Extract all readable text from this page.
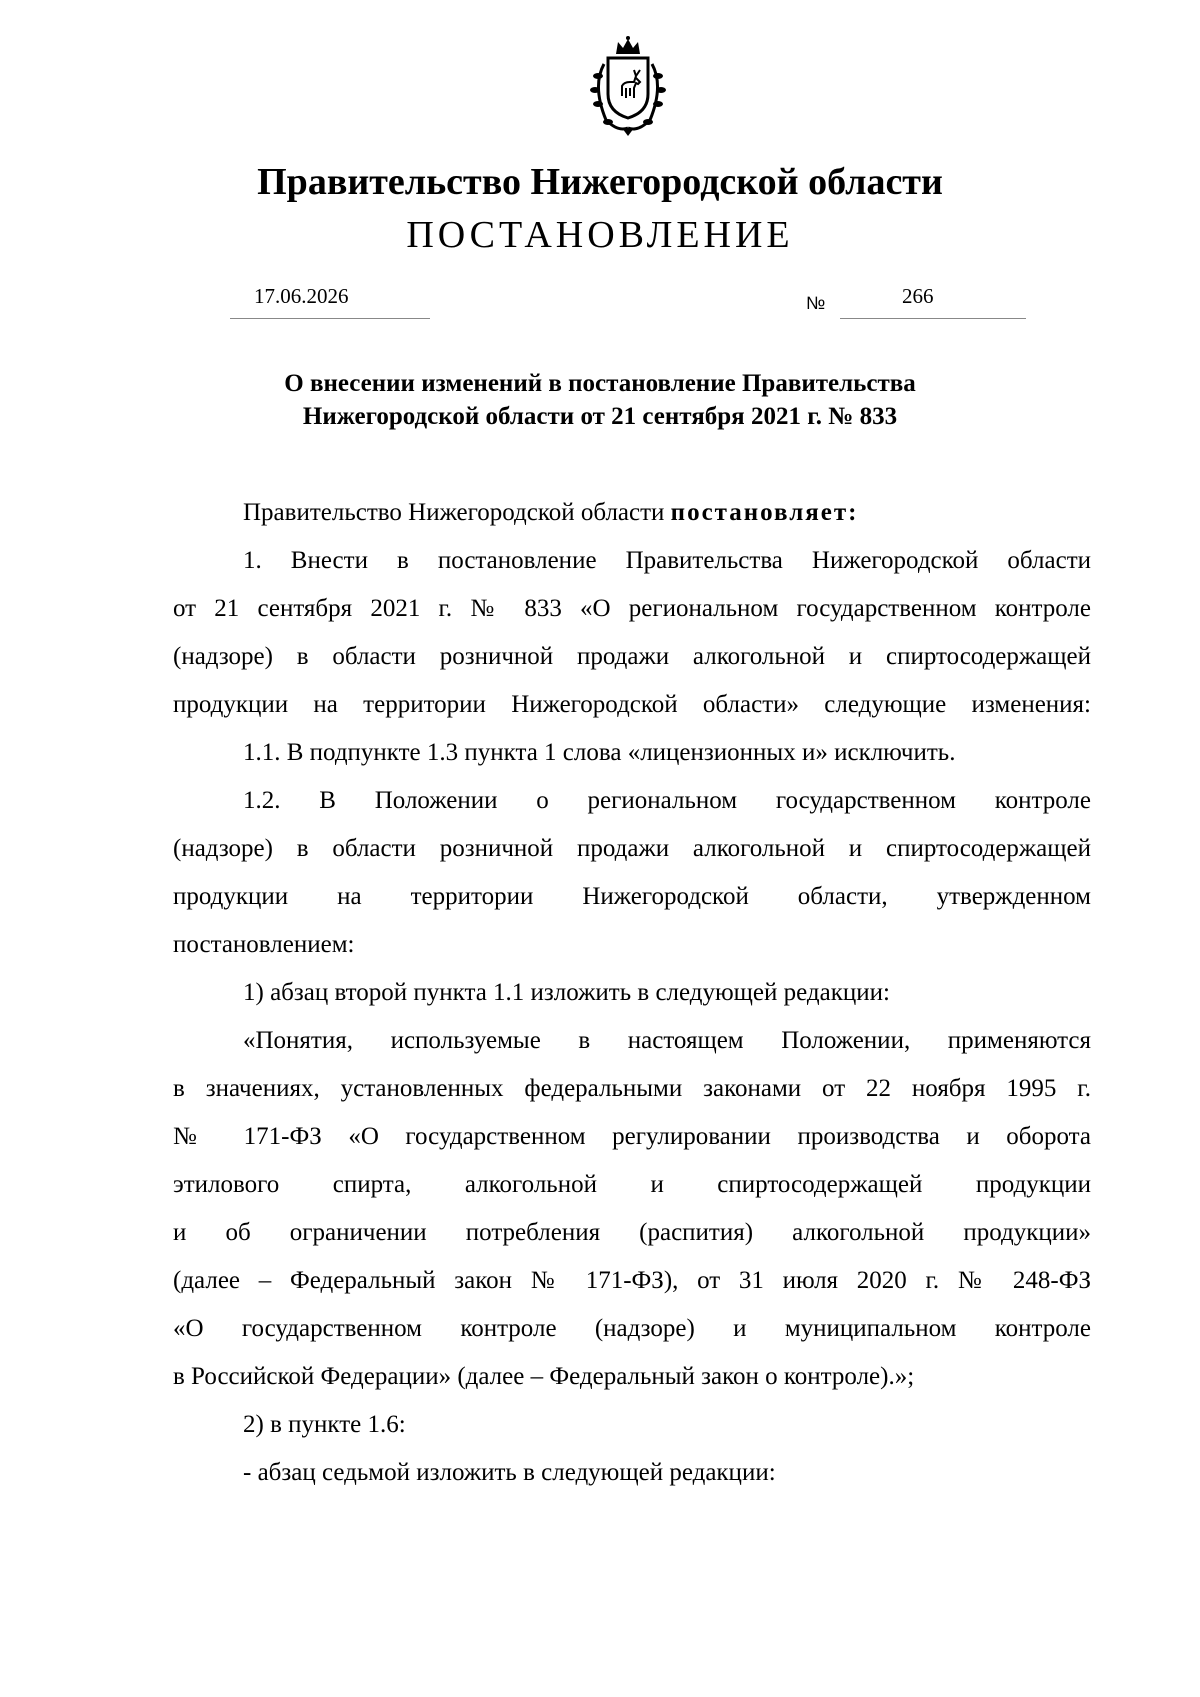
Правительство Нижегородской области
ПОСТАНОВЛЕНИЕ
17.06.2026	№	266
О внесении изменений в постановление Правительства
Нижегородской области от 21 сентября 2021 г. № 833

Правительство Нижегородской области постановляет:

1. Внести в постановление Правительства Нижегородской области

от 21 сентября 2021 г. № 833 «О региональном государственном контроле

(надзоре) в области розничной продажи алкогольной и спиртосодержащей

продукции на территории Нижегородской области» следующие изменения:

1.1. В подпункте 1.3 пункта 1 слова «лицензионных и» исключить.

1.2. В Положении о региональном государственном контроле

(надзоре) в области розничной продажи алкогольной и спиртосодержащей

продукции на территории Нижегородской области, утвержденном

постановлением:

1) абзац второй пункта 1.1 изложить в следующей редакции:

«Понятия, используемые в настоящем Положении, применяются

в значениях, установленных федеральными законами от 22 ноября 1995 г.

№ 171-ФЗ «О государственном регулировании производства и оборота

этилового спирта, алкогольной и спиртосодержащей продукции

и об ограничении потребления (распития) алкогольной продукции»

(далее – Федеральный закон № 171-ФЗ), от 31 июля 2020 г. № 248-ФЗ

«О государственном контроле (надзоре) и муниципальном контроле

в Российской Федерации» (далее – Федеральный закон о контроле).»;

2) в пункте 1.6:

- абзац седьмой изложить в следующей редакции:
